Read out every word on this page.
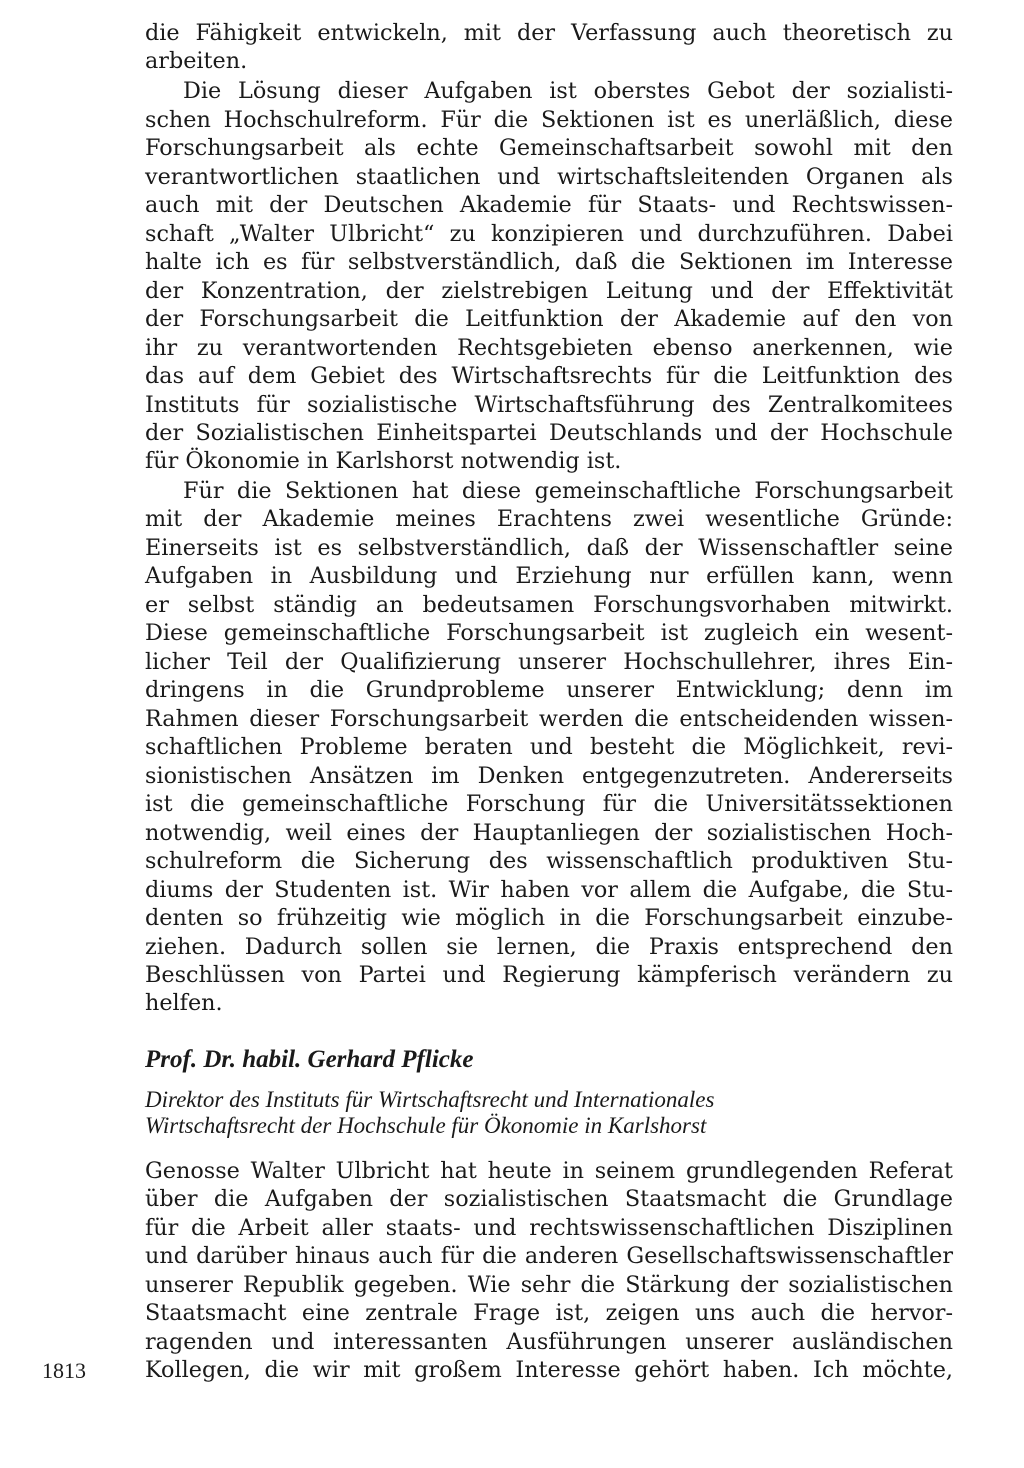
die Fähigkeit entwickeln, mit der Verfassung auch theoretisch zu
arbeiten.
Die Lösung dieser Aufgaben ist oberstes Gebot der sozialisti-
schen Hochschulreform. Für die Sektionen ist es unerläßlich, diese
Forschungsarbeit als echte Gemeinschaftsarbeit sowohl mit den
verantwortlichen staatlichen und wirtschaftsleitenden Organen als
auch mit der Deutschen Akademie für Staats- und Rechtswissen-
schaft „Walter Ulbricht“ zu konzipieren und durchzuführen. Dabei
halte ich es für selbstverständlich, daß die Sektionen im Interesse
der Konzentration, der zielstrebigen Leitung und der Effektivität
der Forschungsarbeit die Leitfunktion der Akademie auf den von
ihr zu verantwortenden Rechtsgebieten ebenso anerkennen, wie
das auf dem Gebiet des Wirtschaftsrechts für die Leitfunktion des
Instituts für sozialistische Wirtschaftsführung des Zentralkomitees
der Sozialistischen Einheitspartei Deutschlands und der Hochschule
für Ökonomie in Karlshorst notwendig ist.
Für die Sektionen hat diese gemeinschaftliche Forschungsarbeit
mit der Akademie meines Erachtens zwei wesentliche Gründe:
Einerseits ist es selbstverständlich, daß der Wissenschaftler seine
Aufgaben in Ausbildung und Erziehung nur erfüllen kann, wenn
er selbst ständig an bedeutsamen Forschungsvorhaben mitwirkt.
Diese gemeinschaftliche Forschungsarbeit ist zugleich ein wesent-
licher Teil der Qualifizierung unserer Hochschullehrer, ihres Ein-
dringens in die Grundprobleme unserer Entwicklung; denn im
Rahmen dieser Forschungsarbeit werden die entscheidenden wissen-
schaftlichen Probleme beraten und besteht die Möglichkeit, revi-
sionistischen Ansätzen im Denken entgegenzutreten. Andererseits
ist die gemeinschaftliche Forschung für die Universitätssektionen
notwendig, weil eines der Hauptanliegen der sozialistischen Hoch-
schulreform die Sicherung des wissenschaftlich produktiven Stu-
diums der Studenten ist. Wir haben vor allem die Aufgabe, die Stu-
denten so frühzeitig wie möglich in die Forschungsarbeit einzube-
ziehen. Dadurch sollen sie lernen, die Praxis entsprechend den
Beschlüssen von Partei und Regierung kämpferisch verändern zu
helfen.
Prof. Dr. habil. Gerhard Pflicke
Direktor des Instituts für Wirtschaftsrecht und Internationales
Wirtschaftsrecht der Hochschule für Ökonomie in Karlshorst
Genosse Walter Ulbricht hat heute in seinem grundlegenden Referat
über die Aufgaben der sozialistischen Staatsmacht die Grundlage
für die Arbeit aller staats- und rechtswissenschaftlichen Disziplinen
und darüber hinaus auch für die anderen Gesellschaftswissenschaftler
unserer Republik gegeben. Wie sehr die Stärkung der sozialistischen
Staatsmacht eine zentrale Frage ist, zeigen uns auch die hervor-
ragenden und interessanten Ausführungen unserer ausländischen
Kollegen, die wir mit großem Interesse gehört haben. Ich möchte,
1813
